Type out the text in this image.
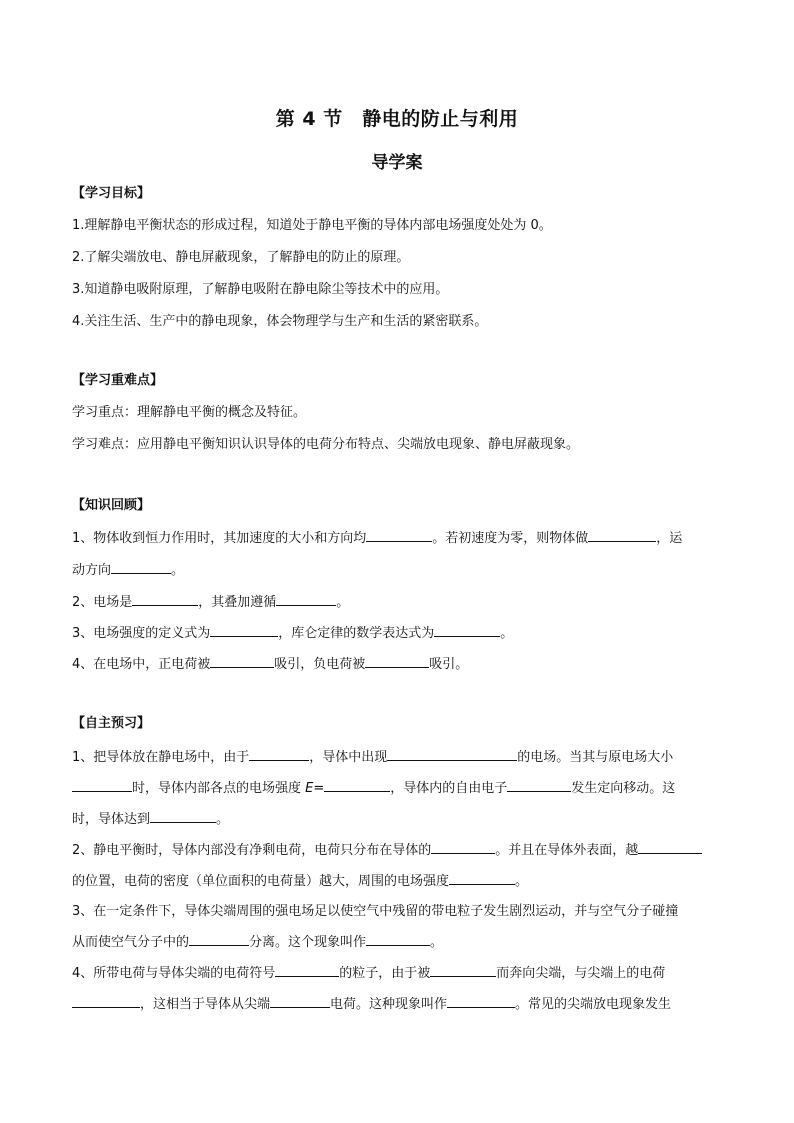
第 4 节　静电的防止与利用
导学案
【学习目标】
1.理解静电平衡状态的形成过程，知道处于静电平衡的导体内部电场强度处处为 0。
2.了解尖端放电、静电屏蔽现象，了解静电的防止的原理。
3.知道静电吸附原理，了解静电吸附在静电除尘等技术中的应用。
4.关注生活、生产中的静电现象，体会物理学与生产和生活的紧密联系。
【学习重难点】
学习重点：理解静电平衡的概念及特征。
学习难点：应用静电平衡知识认识导体的电荷分布特点、尖端放电现象、静电屏蔽现象。
【知识回顾】
1、物体收到恒力作用时，其加速度的大小和方向均	。若初速度为零，则物体做	，运
动方向	。
2、电场是	，其叠加遵循	。
3、电场强度的定义式为	，库仑定律的数学表达式为	。
4、在电场中，正电荷被	吸引，负电荷被	吸引。
【自主预习】
1、把导体放在静电场中，由于	，导体中出现	的电场。当其与原电场大小
时，导体内部各点的电场强度 E=	，导体内的自由电子	发生定向移动。这
时，导体达到	。
2、静电平衡时，导体内部没有净剩电荷，电荷只分布在导体的	。并且在导体外表面，越
的位置，电荷的密度（单位面积的电荷量）越大，周围的电场强度	。
3、在一定条件下，导体尖端周围的强电场足以使空气中残留的带电粒子发生剧烈运动，并与空气分子碰撞
从而使空气分子中的	分离。这个现象叫作	。
4、所带电荷与导体尖端的电荷符号	的粒子，由于被	而奔向尖端，与尖端上的电荷
，这相当于导体从尖端	电荷。这种现象叫作	。常见的尖端放电现象发生
